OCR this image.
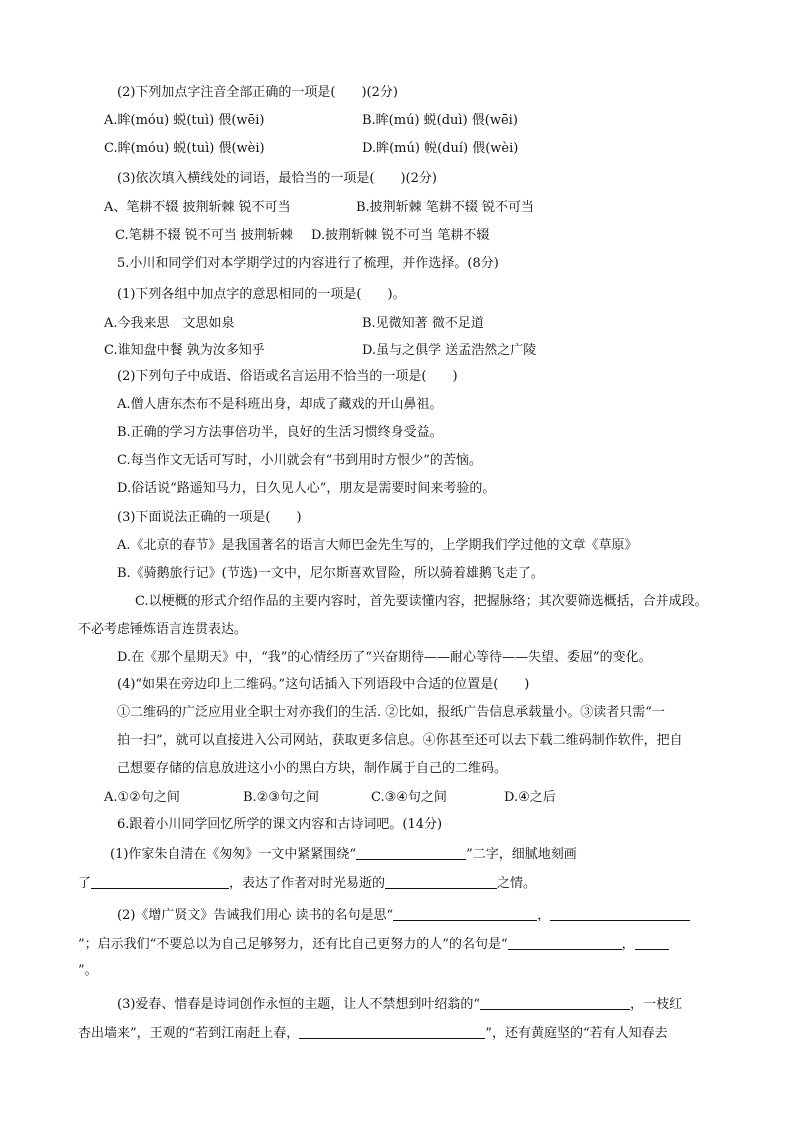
(2)下列加点字注音全部正确的一项是(　　)(2分)
A.眸(móu) 蜕(tuì) 偎(wēi)	B.眸(mú) 蜕(duì) 偎(wēi)
C.眸(móu) 蜕(tuì) 偎(wèi)	D.眸(mú) 帨(duí) 偎(wèi)
(3)依次填入横线处的词语，最恰当的一项是(　　)(2分)
A、笔耕不辍 披荆斩棘 锐不可当	B.披荆斩棘 笔耕不辍 锐不可当
C.笔耕不辍 锐不可当 披荆斩棘 D.披荆斩棘 锐不可当 笔耕不辍
5.小川和同学们对本学期学过的内容进行了梳理，并作选择。(8分)
(1)下列各组中加点字的意思相同的一项是(　　)。
A.今我来思　文思如泉	B.见微知著 微不足道
C.谁知盘中餐 孰为汝多知乎	D.虽与之俱学 送孟浩然之广陵
(2)下列句子中成语、俗语或名言运用不恰当的一项是(　　)
A.僧人唐东杰布不是科班出身，却成了藏戏的开山鼻祖。
B.正确的学习方法事倍功半，良好的生活习惯终身受益。
C.每当作文无话可写时，小川就会有“书到用时方恨少”的苦恼。
D.俗话说“路遥知马力，日久见人心”，朋友是需要时间来考验的。
(3)下面说法正确的一项是(　　)
A.《北京的春节》是我国著名的语言大师巴金先生写的，上学期我们学过他的文章《草原》
B.《骑鹅旅行记》(节选)一文中，尼尔斯喜欢冒险，所以骑着雄鹅飞走了。
C.以梗概的形式介绍作品的主要内容时，首先要读懂内容，把握脉络；其次要筛选概括，合并成段。
不必考虑锤炼语言连贯表达。
D.在《那个星期天》中，“我”的心情经历了“兴奋期待——耐心等待——失望、委屈”的变化。
(4)“如果在旁边印上二维码。”这句话插入下列语段中合适的位置是(　　)
①二维码的广泛应用业全职士对亦我们的生活. ②比如，报纸广告信息承载量小。③读者只需“一
拍一扫”，就可以直接进入公司网站，获取更多信息。④你甚至还可以去下载二维码制作软件，把自
己想要存储的信息放进这小小的黑白方块，制作属于自己的二维码。
A.①②句之间	B.②③句之间	C.③④句之间	D.④之后
6.跟着小川同学回忆所学的课文内容和古诗词吧。(14分)
(1)作家朱自清在《匆匆》一文中紧紧围绕“	”二字，细腻地刻画
了	，表达了作者对时光易逝的	之情。
(2)《增广贤文》告诫我们用心 读书的名句是思“	，
”；启示我们“不要总以为自己足够努力，还有比自己更努力的人”的名句是“	，
”。
(3)爱春、惜春是诗词创作永恒的主题，让人不禁想到叶绍翁的“	，一枝红
杏出墙来”，王观的“若到江南赶上春，	”，还有黄庭坚的“若有人知春去
